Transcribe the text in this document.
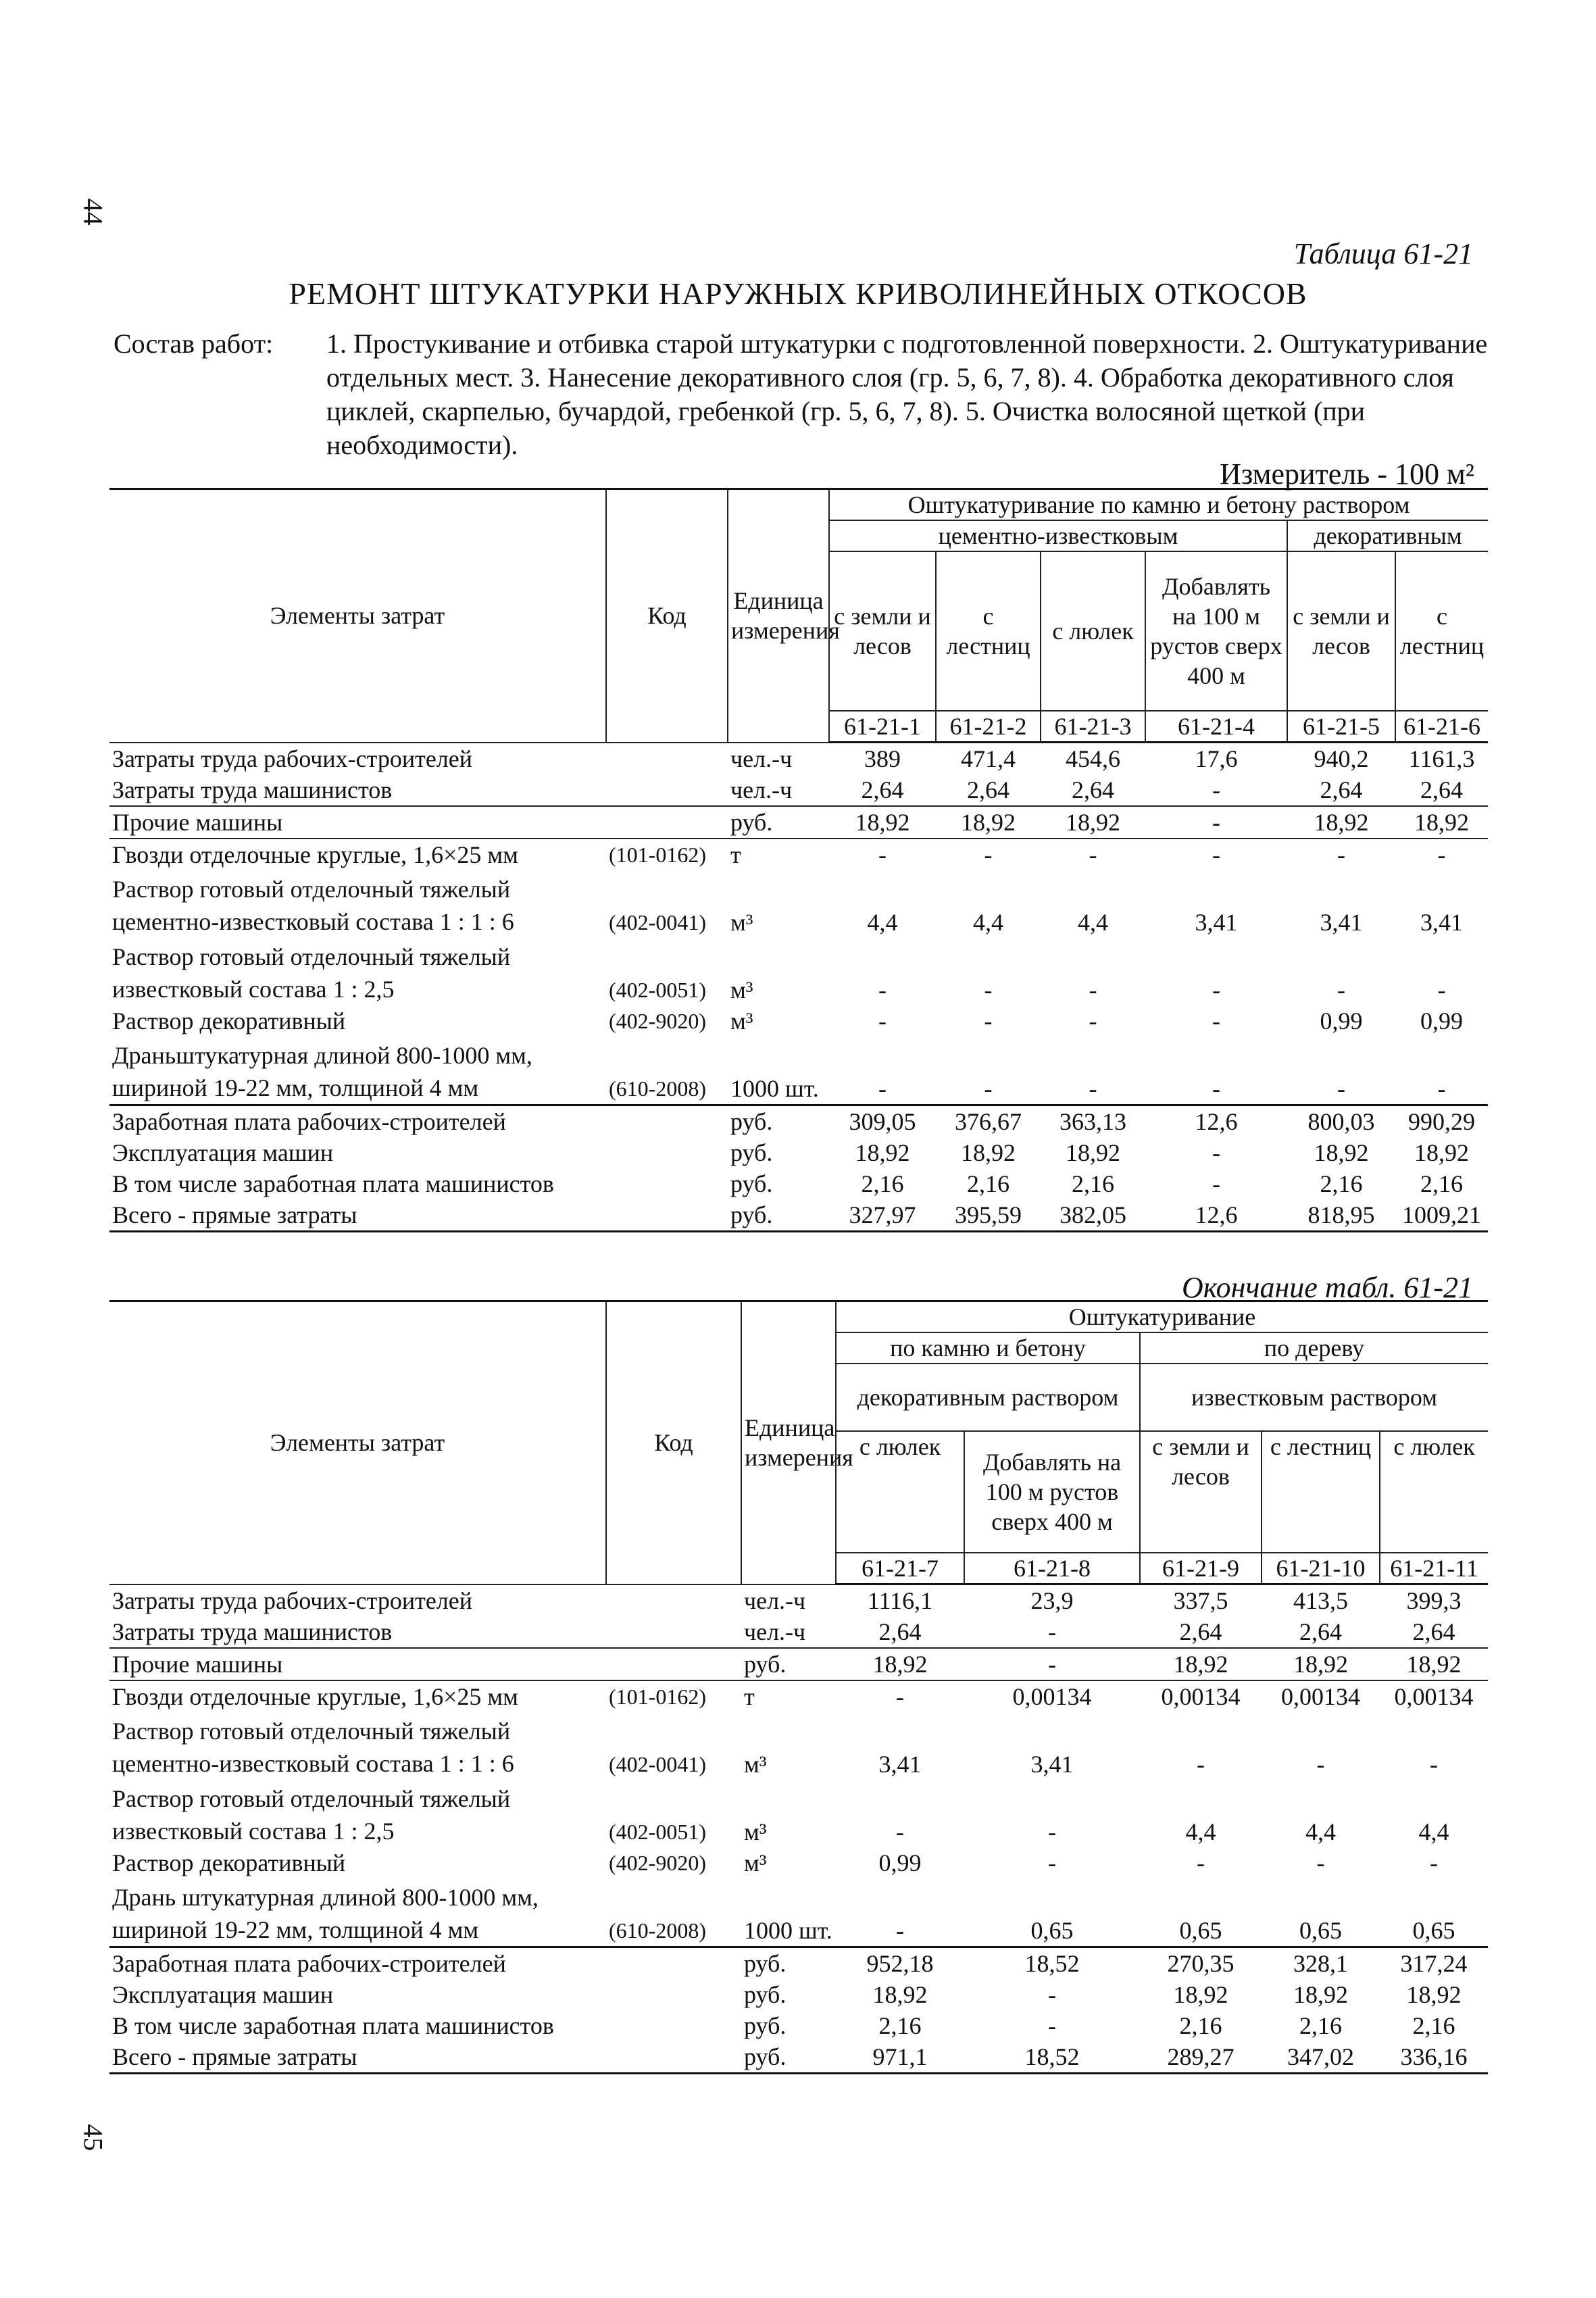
44
45
Таблица 61-21
РЕМОНТ ШТУКАТУРКИ НАРУЖНЫХ КРИВОЛИНЕЙНЫХ ОТКОСОВ
Состав работ:	1. Простукивание и отбивка старой штукатурки с подготовленной поверхности. 2. Оштукатуривание отдельных мест. 3. Нанесение декоративного слоя (гр. 5, 6, 7, 8). 4. Обработка декоративного слоя циклей, скарпелью, бучардой, гребенкой (гр. 5, 6, 7, 8). 5. Очистка волосяной щеткой (при необходимости).
Измеритель - 100 м²
Элементы затрат	Код	Единица измерения	Оштукатуривание по камню и бетону раствором					
			цементно-известковым				декоративным	
			с земли и лесов	с лестниц	с люлек	Добавлять на 100 м рустов сверх 400 м	с земли и лесов	с лестниц
			61-21-1	61-21-2	61-21-3	61-21-4	61-21-5	61-21-6
Затраты труда рабочих-строителей		чел.-ч	389	471,4	454,6	17,6	940,2	1161,3
Затраты труда машинистов		чел.-ч	2,64	2,64	2,64	-	2,64	2,64
Прочие машины		руб.	18,92	18,92	18,92	-	18,92	18,92
Гвозди отделочные круглые, 1,6×25 мм	(101-0162)	т	-	-	-	-	-	-
Раствор готовый отделочный тяжелый цементно-известковый состава 1 : 1 : 6	(402-0041)	м³	4,4	4,4	4,4	3,41	3,41	3,41
Раствор готовый отделочный тяжелый известковый состава 1 : 2,5	(402-0051)	м³	-	-	-	-	-	-
Раствор декоративный	(402-9020)	м³	-	-	-	-	0,99	0,99
Драньштукатурная длиной 800-1000 мм, шириной 19-22 мм, толщиной 4 мм	(610-2008)	1000 шт.	-	-	-	-	-	-
Заработная плата рабочих-строителей		руб.	309,05	376,67	363,13	12,6	800,03	990,29
Эксплуатация машин		руб.	18,92	18,92	18,92	-	18,92	18,92
В том числе заработная плата машинистов		руб.	2,16	2,16	2,16	-	2,16	2,16
Всего - прямые затраты		руб.	327,97	395,59	382,05	12,6	818,95	1009,21
Окончание табл. 61-21
Элементы затрат	Код	Единица измерения	Оштукатуривание				
			по камню и бетону		по дереву		
			декоративным раствором		известковым раствором		
			с люлек	Добавлять на 100 м рустов сверх 400 м	с земли и лесов	с лестниц	с люлек
			61-21-7	61-21-8	61-21-9	61-21-10	61-21-11
Затраты труда рабочих-строителей		чел.-ч	1116,1	23,9	337,5	413,5	399,3
Затраты труда машинистов		чел.-ч	2,64	-	2,64	2,64	2,64
Прочие машины		руб.	18,92	-	18,92	18,92	18,92
Гвозди отделочные круглые, 1,6×25 мм	(101-0162)	т	-	0,00134	0,00134	0,00134	0,00134
Раствор готовый отделочный тяжелый цементно-известковый состава 1 : 1 : 6	(402-0041)	м³	3,41	3,41	-	-	-
Раствор готовый отделочный тяжелый известковый состава 1 : 2,5	(402-0051)	м³	-	-	4,4	4,4	4,4
Раствор декоративный	(402-9020)	м³	0,99	-	-	-	-
Дрань штукатурная длиной 800-1000 мм, шириной 19-22 мм, толщиной 4 мм	(610-2008)	1000 шт.	-	0,65	0,65	0,65	0,65
Заработная плата рабочих-строителей		руб.	952,18	18,52	270,35	328,1	317,24
Эксплуатация машин		руб.	18,92	-	18,92	18,92	18,92
В том числе заработная плата машинистов		руб.	2,16	-	2,16	2,16	2,16
Всего - прямые затраты		руб.	971,1	18,52	289,27	347,02	336,16
